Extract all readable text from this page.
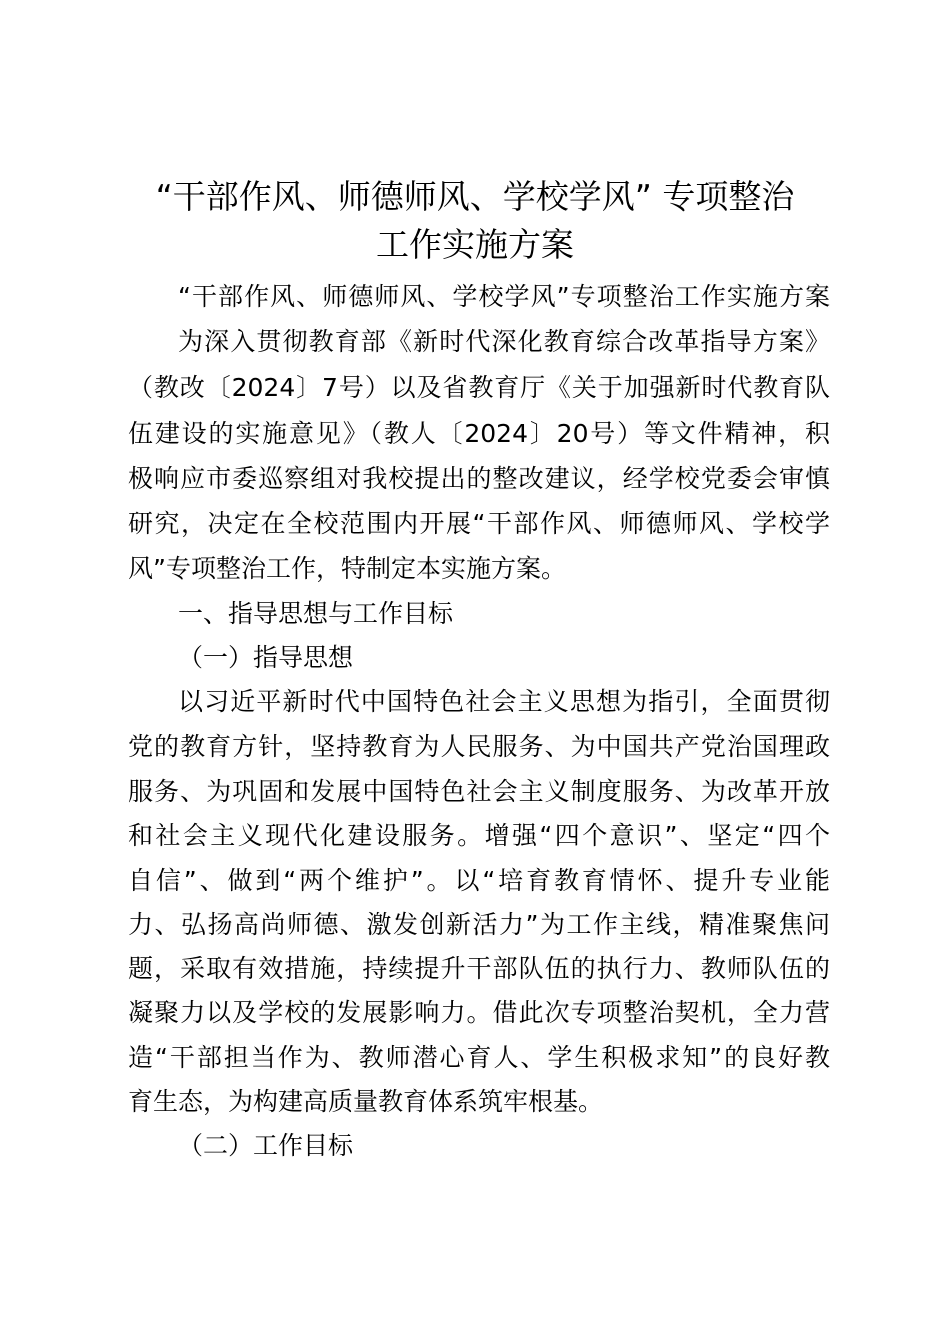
“干部作风、师德师风、学校学风” 专项整治
工作实施方案
“干部作风、师德师风、学校学风”专项整治工作实施方案
为深入贯彻教育部《新时代深化教育综合改革指导方案》
（教改〔2024〕7号）以及省教育厅《关于加强新时代教育队
伍建设的实施意见》（教人〔2024〕20号）等文件精神，积
极响应市委巡察组对我校提出的整改建议，经学校党委会审慎
研究，决定在全校范围内开展“干部作风、师德师风、学校学
风”专项整治工作，特制定本实施方案。
一、指导思想与工作目标
（一）指导思想
以习近平新时代中国特色社会主义思想为指引，全面贯彻
党的教育方针，坚持教育为人民服务、为中国共产党治国理政
服务、为巩固和发展中国特色社会主义制度服务、为改革开放
和社会主义现代化建设服务。增强“四个意识”、坚定“四个
自信”、做到“两个维护”。以“培育教育情怀、提升专业能
力、弘扬高尚师德、激发创新活力”为工作主线，精准聚焦问
题，采取有效措施，持续提升干部队伍的执行力、教师队伍的
凝聚力以及学校的发展影响力。借此次专项整治契机，全力营
造“干部担当作为、教师潜心育人、学生积极求知”的良好教
育生态，为构建高质量教育体系筑牢根基。
（二）工作目标
